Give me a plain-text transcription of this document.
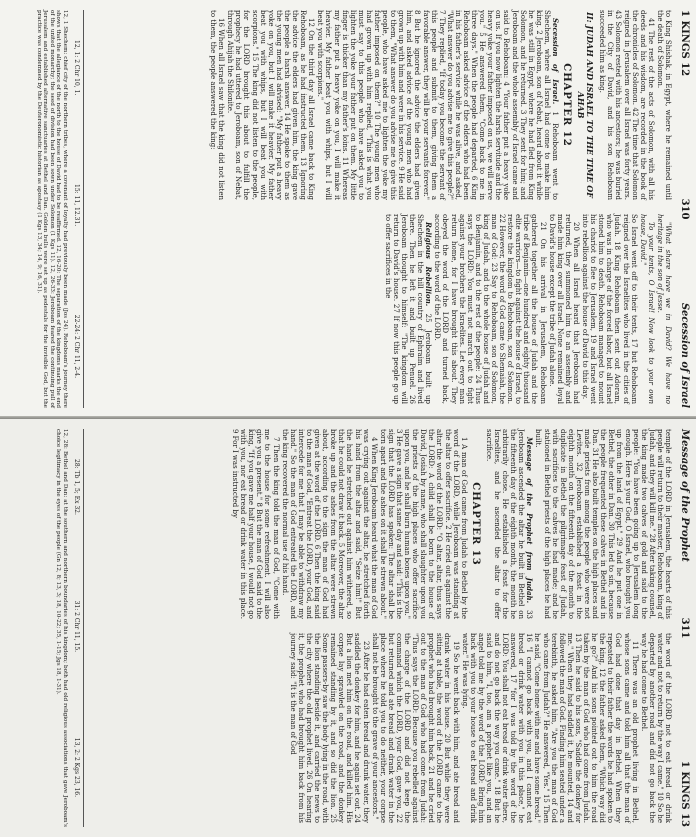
1 KINGS 12
310
Secession of Israel

to King Shishak, in Egypt, where he remained until the death of Solomon.

41 The rest of the acts of Solomon, with all his deeds and his wisdom, are recorded in the book of the chronicles of Solomon. 42 The time that Solomon reigned in Jerusalem over all Israel was forty years. 43 Solomon rested with his ancestors; he was buried in the City of David, and his son Rehoboam succeeded him as king.

II: JUDAH AND ISRAEL TO THE TIME OF AHAB
CHAPTER 12

Secession of Israel. 1 Rehoboam went to Shechem, where all Israel had come to make him king. 2 Jeroboam, son of Nebat, heard about it while he was still in Egypt, where he had fled from King Solomon, and he returned. 3 They sent for him; and Jeroboam and the whole assembly of Israel came and said to Rehoboam: 4 "Your father put a heavy yoke on us. If you now lighten the harsh servitude and the heavy yoke your father imposed on us, we will serve you." 5 He answered them, "Come back to me in three days." When the people had departed, 6 King Rehoboam asked advice of the elders who had been in his father's service while he was alive, and asked, "What answer do you advise me to give this people?" 7 They replied, "If today you become the servant of this people and submit to them, giving them a favorable answer, they will be your servants forever." 8 But he ignored the advice the elders had given him, and asked advice of the young men who had grown up with him and were in his service. 9 He said to them, "What answer do you advise me to give this people, who have asked me to lighten the yoke my father imposed on them?" 10 The young men who had grown up with him replied, "This is what you must say to this people who have asked you to lighten the yoke your father put on them. My little finger is thicker than my father's loins. 11 Whereas my father put a heavy yoke on you, I will make it heavier. My father beat you with whips, but I will beat you with scorpions."

12 On the third day all Israel came back to King Rehoboam, as he had instructed them. 13 Ignoring the advice the elders had given him, the king gave the people a harsh answer. 14 He spoke to them as the young men had advised: "My father put a heavy yoke on you, but I will make it heavier. My father beat you with whips, but I will beat you with scorpions." 15 The king did not listen to the people, for the LORD brought this about to fulfill the prophecy he had uttered to Jeroboam, son of Nebat, through Ahijah the Shilonite.

16 When all Israel saw that the king did not listen to them, the people answered the king:

"What share have we in David? We have no heritage in the son of Jesse.

To your tents, O Israel! Now look to your own house, David."

So Israel went off to their tents, 17 but Rehoboam reigned over the Israelites who lived in the cities of Judah. 18 King Rehoboam then sent out Adoram, who was in charge of the forced labor, but all Israel stoned him to death. Rehoboam managed to mount his chariot to flee to Jerusalem, 19 and Israel went into rebellion against the house of David to this day.

20 When all Israel heard that Jeroboam had returned, they summoned him to an assembly and made him king over all Israel. None remained loyal to David's house except the tribe of Judah alone.

21 On his arrival in Jerusalem, Rehoboam gathered together all the house of Judah and the tribe of Benjamin—one hundred and eighty thousand elite warriors—to fight against the house of Israel, to restore the kingdom to Rehoboam, son of Solomon. 22 However, the word of God came to Shemaiah, the man of God: 23 Say to Rehoboam, son of Solomon, king of Judah, and to the whole house of Judah and to Benjamin, and to the rest of the people: 24 Thus says the LORD: You must not march out to fight against your brothers the Israelites. Let every man return home, for I have brought this about. They obeyed the word of the LORD and turned back, according to the word of the LORD.

Religious Rebellion. 25 Jeroboam built up Shechem in the hill country of Ephraim and lived there. Then he left it and built up Penuel. 26 Jeroboam thought to himself: "The kingdom will return to David's house. 27 If now this people go up to offer sacrifices in the

12, 1: 2 Chr 10, 1.
15: 11, 12.31.
22-24: 2 Chr 11, 2-4.
12, 1 Shechem: chief city of the northern tribes, where a covenant of loyalty had previously been made (Jos 24). Rehoboam's journey there shows that the allegiance of the north to the house of David had to be reaffirmed. 12, 16-20: The separation of the kingdoms marks the end of the united monarchy; the seed of division had been sown under Solomon (1 Kgs 11). 12, 26-33: Jeroboam feared the continuing pull of Jerusalem and established alternative sanctuaries at Bethel and Dan. Golden bulls were set up as pedestals for the invisible God, but the practice was condemned by the Deuteronomistic historian as apostasy (1 Kgs 13, 34; 14, 9; 16, 31).
Message of the Prophet
311
1 KINGS 13

temple of the LORD in Jerusalem, the hearts of this people will return to their master, Rehoboam, king of Judah, and they will kill me." 28 After taking counsel, the king made two calves of gold and said to the people: "You have been going up to Jerusalem long enough. Here is your God, O Israel, who brought you up from the land of Egypt." 29 And he put one in Bethel, the other in Dan. 30 This led to sin, because the people frequented these calves in Bethel and in Dan. 31 He also built temples on the high places and made priests from among the people who were not Levites. 32 Jeroboam established a feast in the eighth month on the fifteenth day of the month to duplicate in Bethel the pilgrimage feast of Judah, with sacrifices to the calves he had made; and he stationed in Bethel priests of the high places he had built.

Message of the Prophet from Judah. 33 Jeroboam ascended the altar he built in Bethel on the fifteenth day of the eighth month, the month he arbitrarily chose. He established a feast for the Israelites, and he ascended the altar to offer sacrifice.

CHAPTER 13

1 A man of God came from Judah to Bethel by the word of the LORD, while Jeroboam was standing at the altar to offer sacrifice. 2 He cried out against the altar the word of the LORD: "O altar, altar, thus says the LORD: A child shall be born to the house of David, Josiah by name, who shall slaughter upon you the priests of the high places who offer sacrifice upon you, and he shall burn human bones upon you." 3 He gave a sign that same day and said: "This is the sign that the LORD has spoken: The altar shall be torn apart and the ashes on it shall be strewn about."

4 When King Jeroboam heard what the man of God was crying out against the altar, he stretched forth his hand from the altar and said, "Seize him!" But the hand he stretched out against him withered, so that he could not draw it back. 5 Moreover, the altar broke up and the ashes from the altar were strewn about, according to the sign the man of God had given at the word of the LORD. 6 Then the king said to the man of God, "Entreat the LORD, your God, and intercede for me that I may be able to withdraw my hand." So the man of God entreated the LORD, and the king recovered the normal use of his hand.

7 Then the king told the man of God, "Come with me to the house for some refreshment. I will also give you a present." 8 But the man of God said to the king, "If you gave me half your house, I would not go with you, nor eat bread or drink water in this place. 9 For I was instructed by

the word of the LORD not to eat bread or drink water and not to return by the way I came." 10 So he departed by another road and did not go back the way he had come to Bethel.

11 There was an old prophet living in Bethel, whose sons came and told him all that the man of God had done that day in Bethel. When they repeated to their father the words he had spoken to the king, 12 the father asked them, "Which way did he go?" And his sons pointed out to him the road taken by the man of God who had come from Judah. 13 Then he said to his sons, "Saddle the donkey for me." When they had saddled it, he mounted, 14 and followed the man of God. Finding him seated under a terebinth, he asked him, "Are you the man of God who came from Judah?" He answered, "Yes." 15 Then he said, "Come home with me and have some bread." 16 "I cannot go back with you, and I cannot eat bread or drink water with you in this place," he answered, 17 "for I was told by the word of the LORD: You shall not eat bread or drink water there, and do not go back the way you came." 18 But he said to him, "I, too, am a prophet like you, and an angel told me by the word of the LORD: Bring him back with you to your house to eat bread and drink water." He was lying.

19 So he went back with him, and ate bread and drank water in his house. 20 But while they were sitting at table, the word of the LORD came to the prophet who had brought him back, 21 and he cried out to the man of God who had come from Judah: "Thus says the LORD: Because you rebelled against the charge of the LORD and did not keep the command which the LORD, your God, gave you, 22 but returned and ate bread and drank water in the place where he told you to do neither, your corpse shall not be brought to the grave of your ancestors."

23 After he had eaten bread and drunk water, they saddled the donkey for him, and he again set out. 24 But a lion met him on the road, and killed him. His corpse lay sprawled on the road, and the donkey remained standing by it, and so did the lion. 25 Some passers-by saw the body lying in the road, with the lion standing beside it, and carried the news to the city where the old prophet lived. 26 On hearing it, the prophet who had brought him back from his journey said: "It is the man of God

28: Tb 1, 5; Ex 32.
31: 2 Chr 11, 15.
13, 2: 2 Kgs 23, 16.
12, 28: Bethel and Dan: at the southern and northern boundaries of his kingdom; both had old religious associations that gave Jeroboam's choice legitimacy in the eyes of the people (Gn 12, 8; 13, 3; 18, 10-22; 35, 1-15; Jgs 18, 1-31).
